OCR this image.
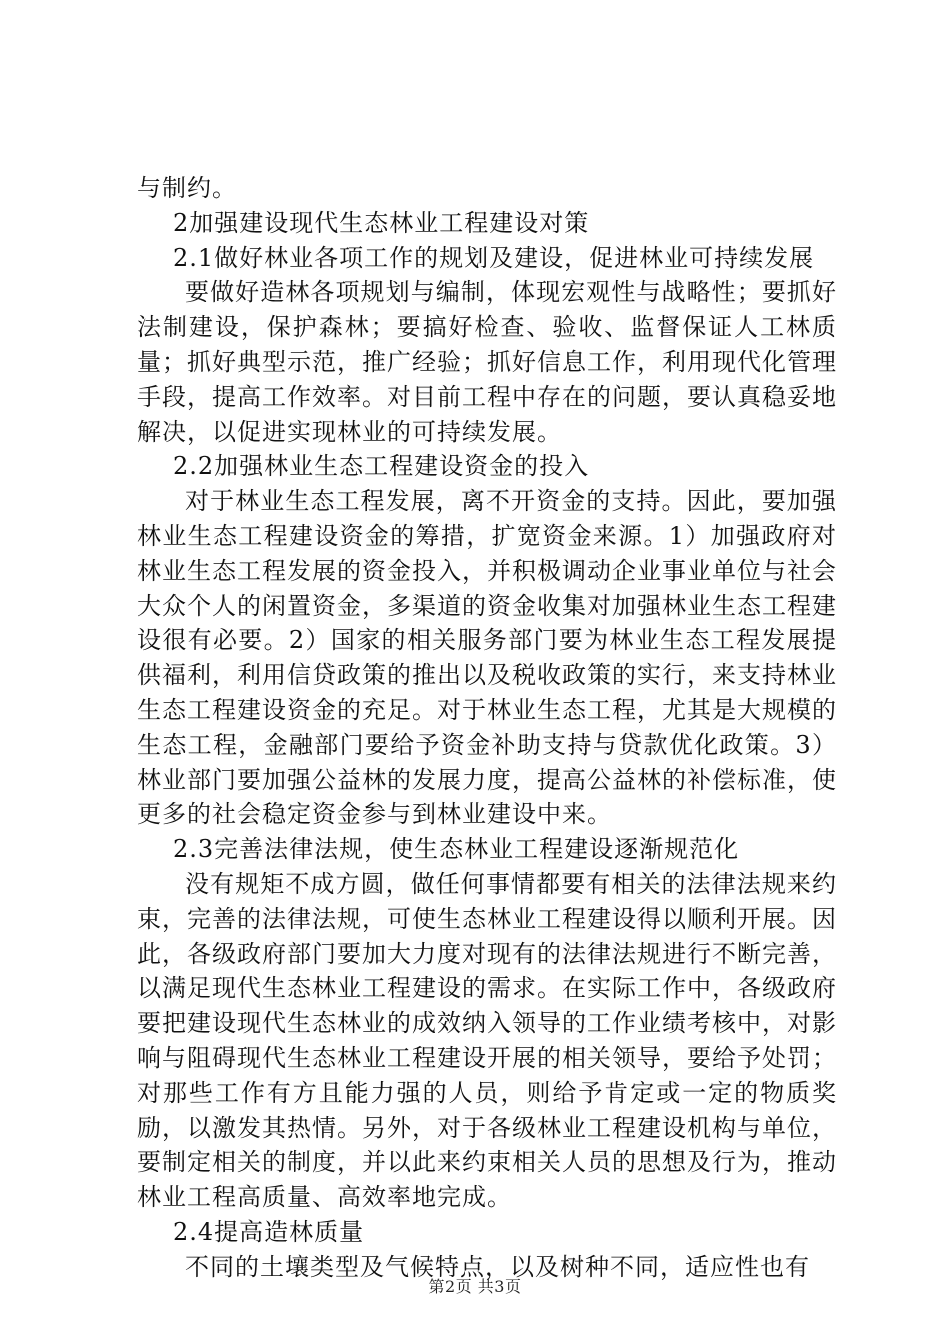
与制约。

2加强建设现代生态林业工程建设对策

2.1做好林业各项工作的规划及建设，促进林业可持续发展

要做好造林各项规划与编制，体现宏观性与战略性；要抓好法制建设，保护森林；要搞好检查、验收、监督保证人工林质量；抓好典型示范，推广经验；抓好信息工作，利用现代化管理手段，提高工作效率。对目前工程中存在的问题，要认真稳妥地解决，以促进实现林业的可持续发展。

2.2加强林业生态工程建设资金的投入

对于林业生态工程发展，离不开资金的支持。因此，要加强林业生态工程建设资金的筹措，扩宽资金来源。1）加强政府对林业生态工程发展的资金投入，并积极调动企业事业单位与社会大众个人的闲置资金，多渠道的资金收集对加强林业生态工程建设很有必要。2）国家的相关服务部门要为林业生态工程发展提供福利，利用信贷政策的推出以及税收政策的实行，来支持林业生态工程建设资金的充足。对于林业生态工程，尤其是大规模的生态工程，金融部门要给予资金补助支持与贷款优化政策。3）林业部门要加强公益林的发展力度，提高公益林的补偿标准，使更多的社会稳定资金参与到林业建设中来。

2.3完善法律法规，使生态林业工程建设逐渐规范化

没有规矩不成方圆，做任何事情都要有相关的法律法规来约束，完善的法律法规，可使生态林业工程建设得以顺利开展。因此，各级政府部门要加大力度对现有的法律法规进行不断完善，以满足现代生态林业工程建设的需求。在实际工作中，各级政府要把建设现代生态林业的成效纳入领导的工作业绩考核中，对影响与阻碍现代生态林业工程建设开展的相关领导，要给予处罚；对那些工作有方且能力强的人员，则给予肯定或一定的物质奖励，以激发其热情。另外，对于各级林业工程建设机构与单位，要制定相关的制度，并以此来约束相关人员的思想及行为，推动林业工程高质量、高效率地完成。

2.4提高造林质量

不同的土壤类型及气候特点，以及树种不同，适应性也有

第2页 共3页
